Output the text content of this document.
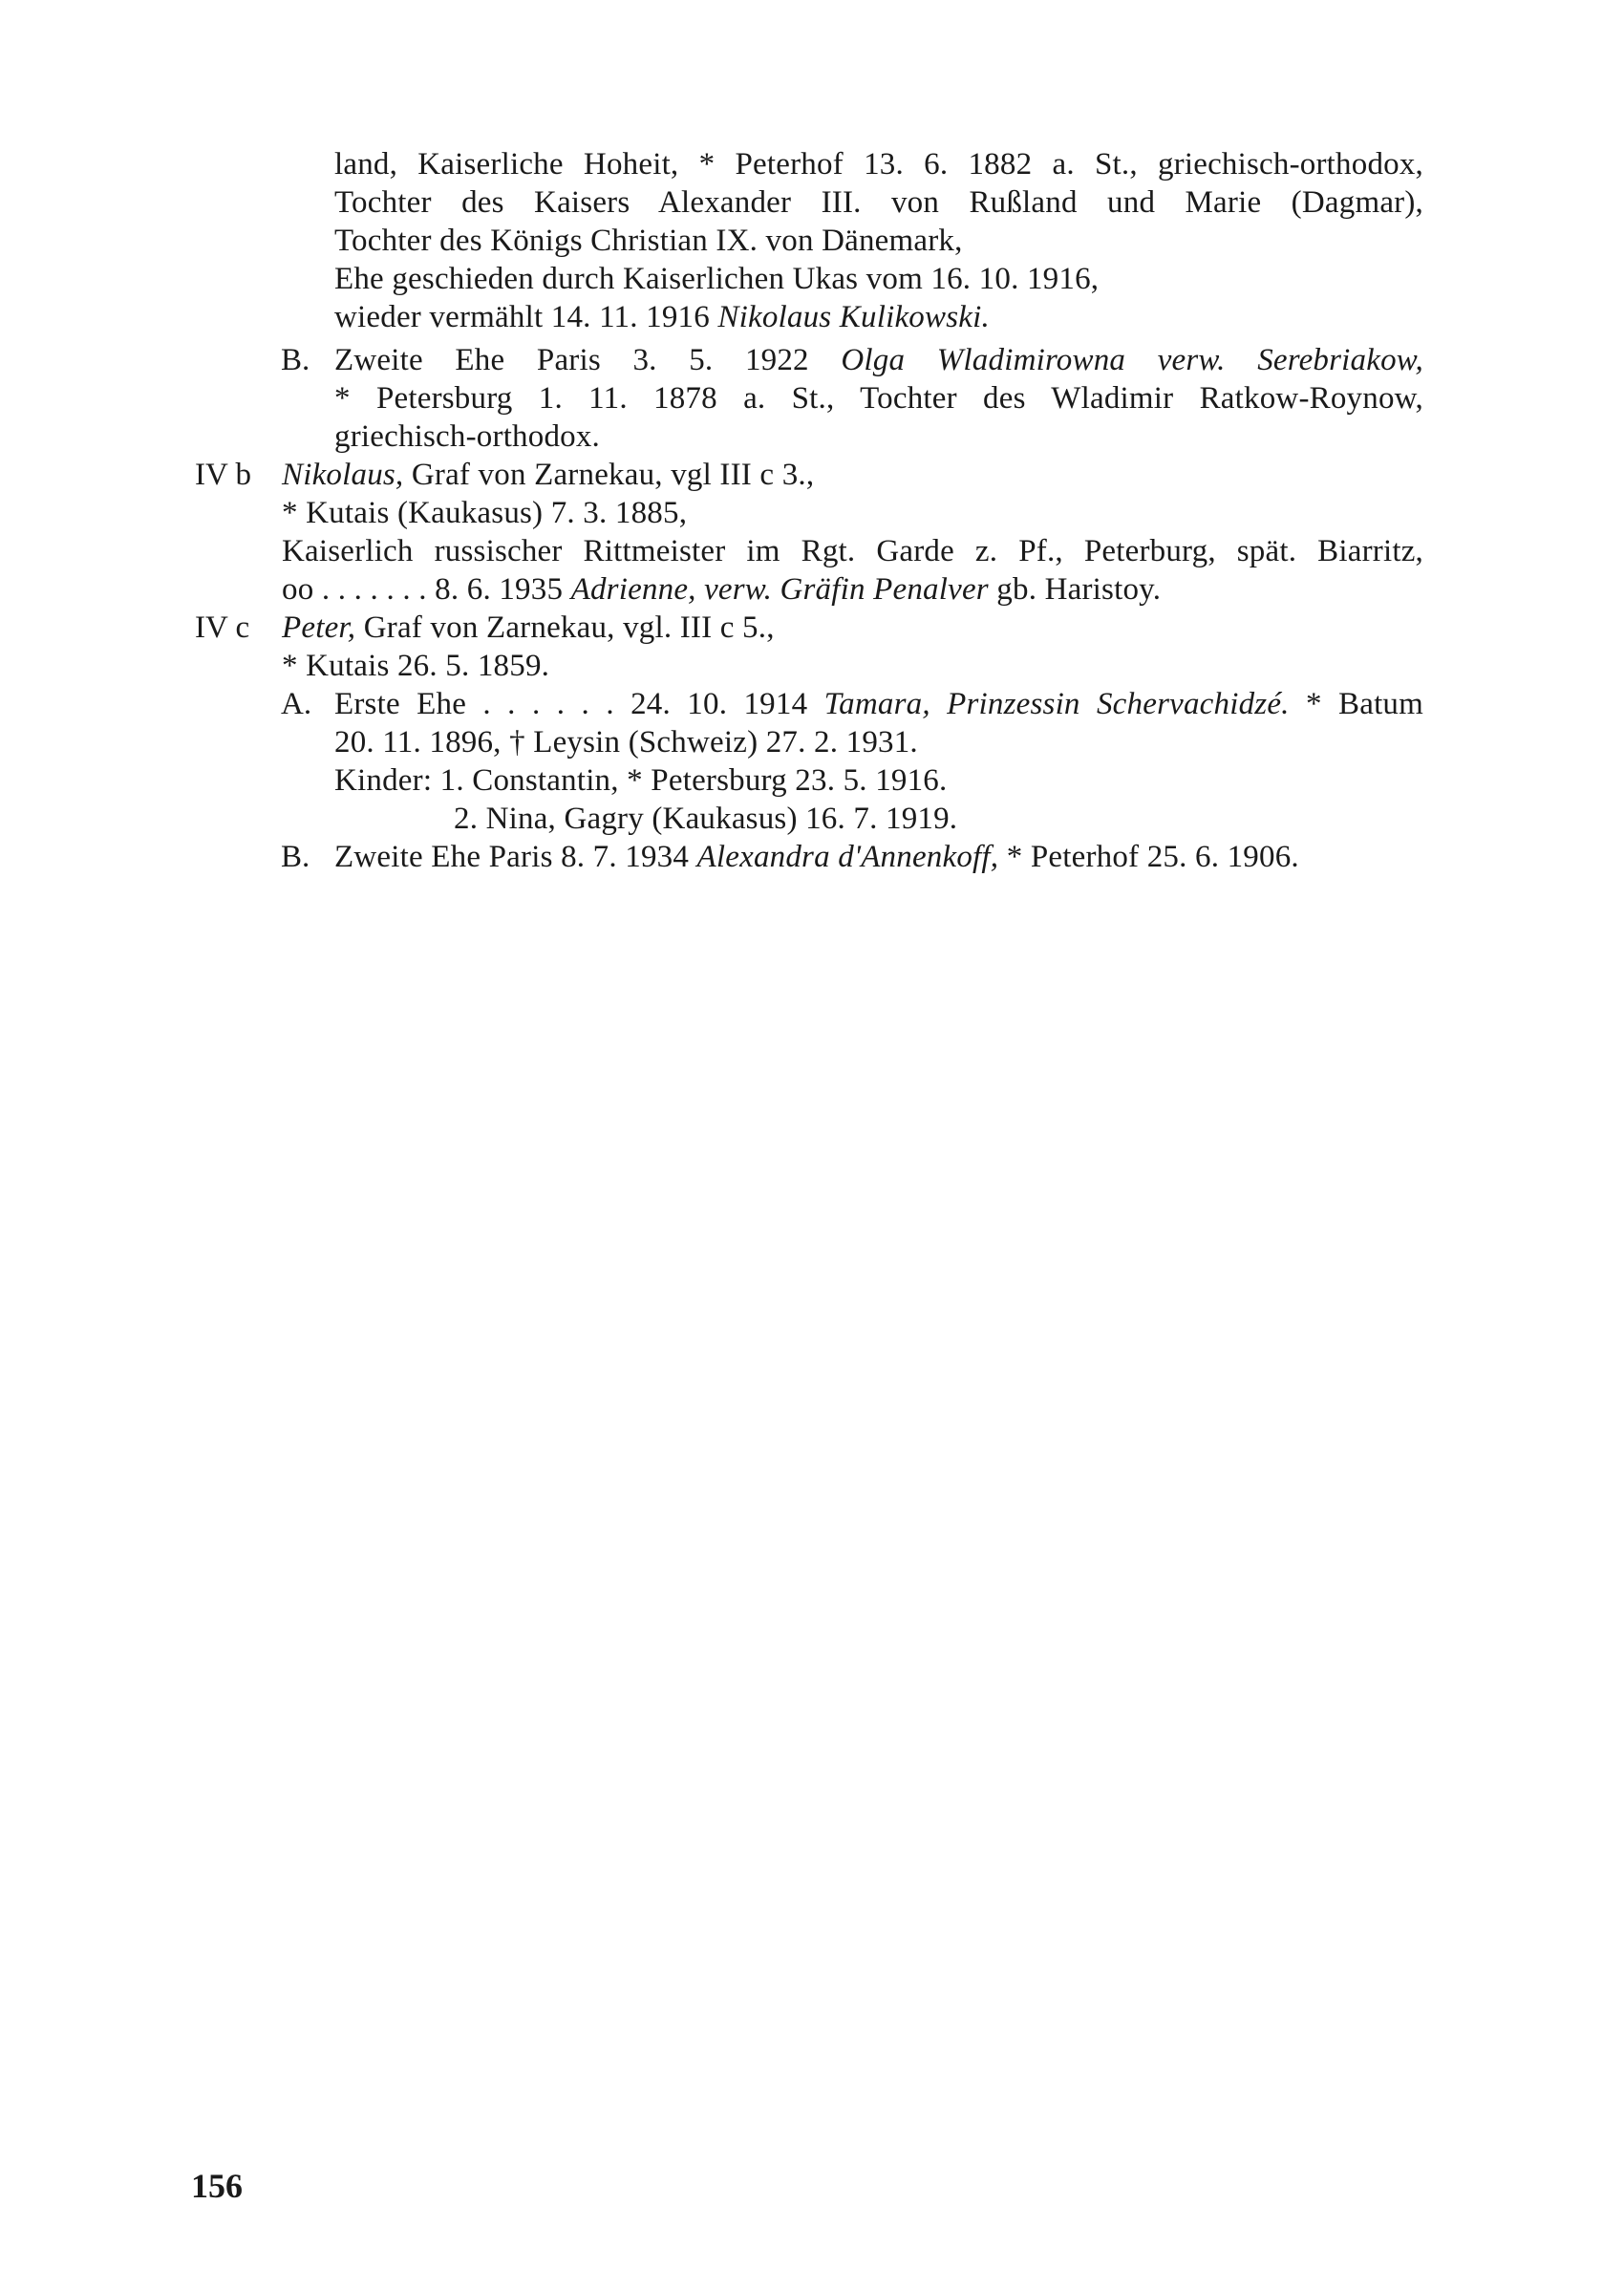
land, Kaiserliche Hoheit, * Peterhof 13. 6. 1882 a. St., griechisch-orthodox,
Tochter des Kaisers Alexander III. von Rußland und Marie (Dagmar),
Tochter des Königs Christian IX. von Dänemark,
Ehe geschieden durch Kaiserlichen Ukas vom 16. 10. 1916,
wieder vermählt 14. 11. 1916 Nikolaus Kulikowski.
B. Zweite Ehe Paris 3. 5. 1922 Olga Wladimirowna verw. Serebriakow,
* Petersburg 1. 11. 1878 a. St., Tochter des Wladimir Ratkow-Roynow,
griechisch-orthodox.
IV b Nikolaus, Graf von Zarnekau, vgl III c 3.,
* Kutais (Kaukasus) 7. 3. 1885,
Kaiserlich russischer Rittmeister im Rgt. Garde z. Pf., Peterburg, spät. Biarritz,
oo . . . . . . . 8. 6. 1935 Adrienne, verw. Gräfin Penalver gb. Haristoy.
IV c Peter, Graf von Zarnekau, vgl. III c 5.,
* Kutais 26. 5. 1859.
A. Erste Ehe . . . . . . 24. 10. 1914 Tamara, Prinzessin Schervachidzé. * Batum
20. 11. 1896, † Leysin (Schweiz) 27. 2. 1931.
Kinder: 1. Constantin, * Petersburg 23. 5. 1916.
2. Nina, Gagry (Kaukasus) 16. 7. 1919.
B. Zweite Ehe Paris 8. 7. 1934 Alexandra d'Annenkoff, * Peterhof 25. 6. 1906.
156
